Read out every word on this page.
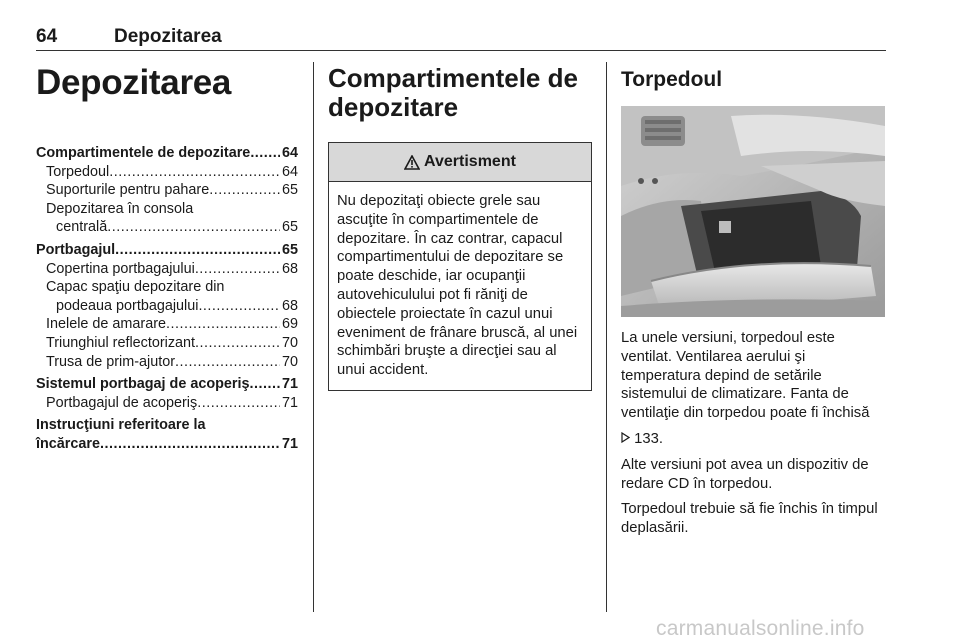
64	Depozitarea
Depozitarea
Compartimentele de depozitare ..... 64
Torpedoul .....	64
Suporturile pentru pahare .....	65
Depozitarea în consola
centrală .....	65
Portbagajul .....	65
Copertina portbagajului .....	68
Capac spaţiu depozitare din
podeaua portbagajului .....	68
Inelele de amarare .....	69
Triunghiul reflectorizant .....	70
Trusa de prim-ajutor .....	70
Sistemul portbagaj de acoperiş ..... 71
Portbagajul de acoperiş .....	71
Instrucţiuni referitoare la
încărcare .....	71
Compartimentele de depozitare
Avertisment
Nu depozitaţi obiecte grele sau ascuţite în compartimentele de depozitare. În caz contrar, capacul compartimentului de depozitare se poate deschide, iar ocupanţii autovehiculului pot fi răniţi de obiectele proiectate în cazul unui eveniment de frânare bruscă, al unei schimbări bruşte a direcţiei sau al unui accident.
Torpedoul

La unele versiuni, torpedoul este ventilat. Ventilarea aerului şi temperatura depind de setările sistemului de climatizare. Fanta de ventilaţie din torpedou poate fi închisă

133.

Alte versiuni pot avea un dispozitiv de redare CD în torpedou.

Torpedoul trebuie să fie închis în timpul deplasării.

carmanualsonline.info
